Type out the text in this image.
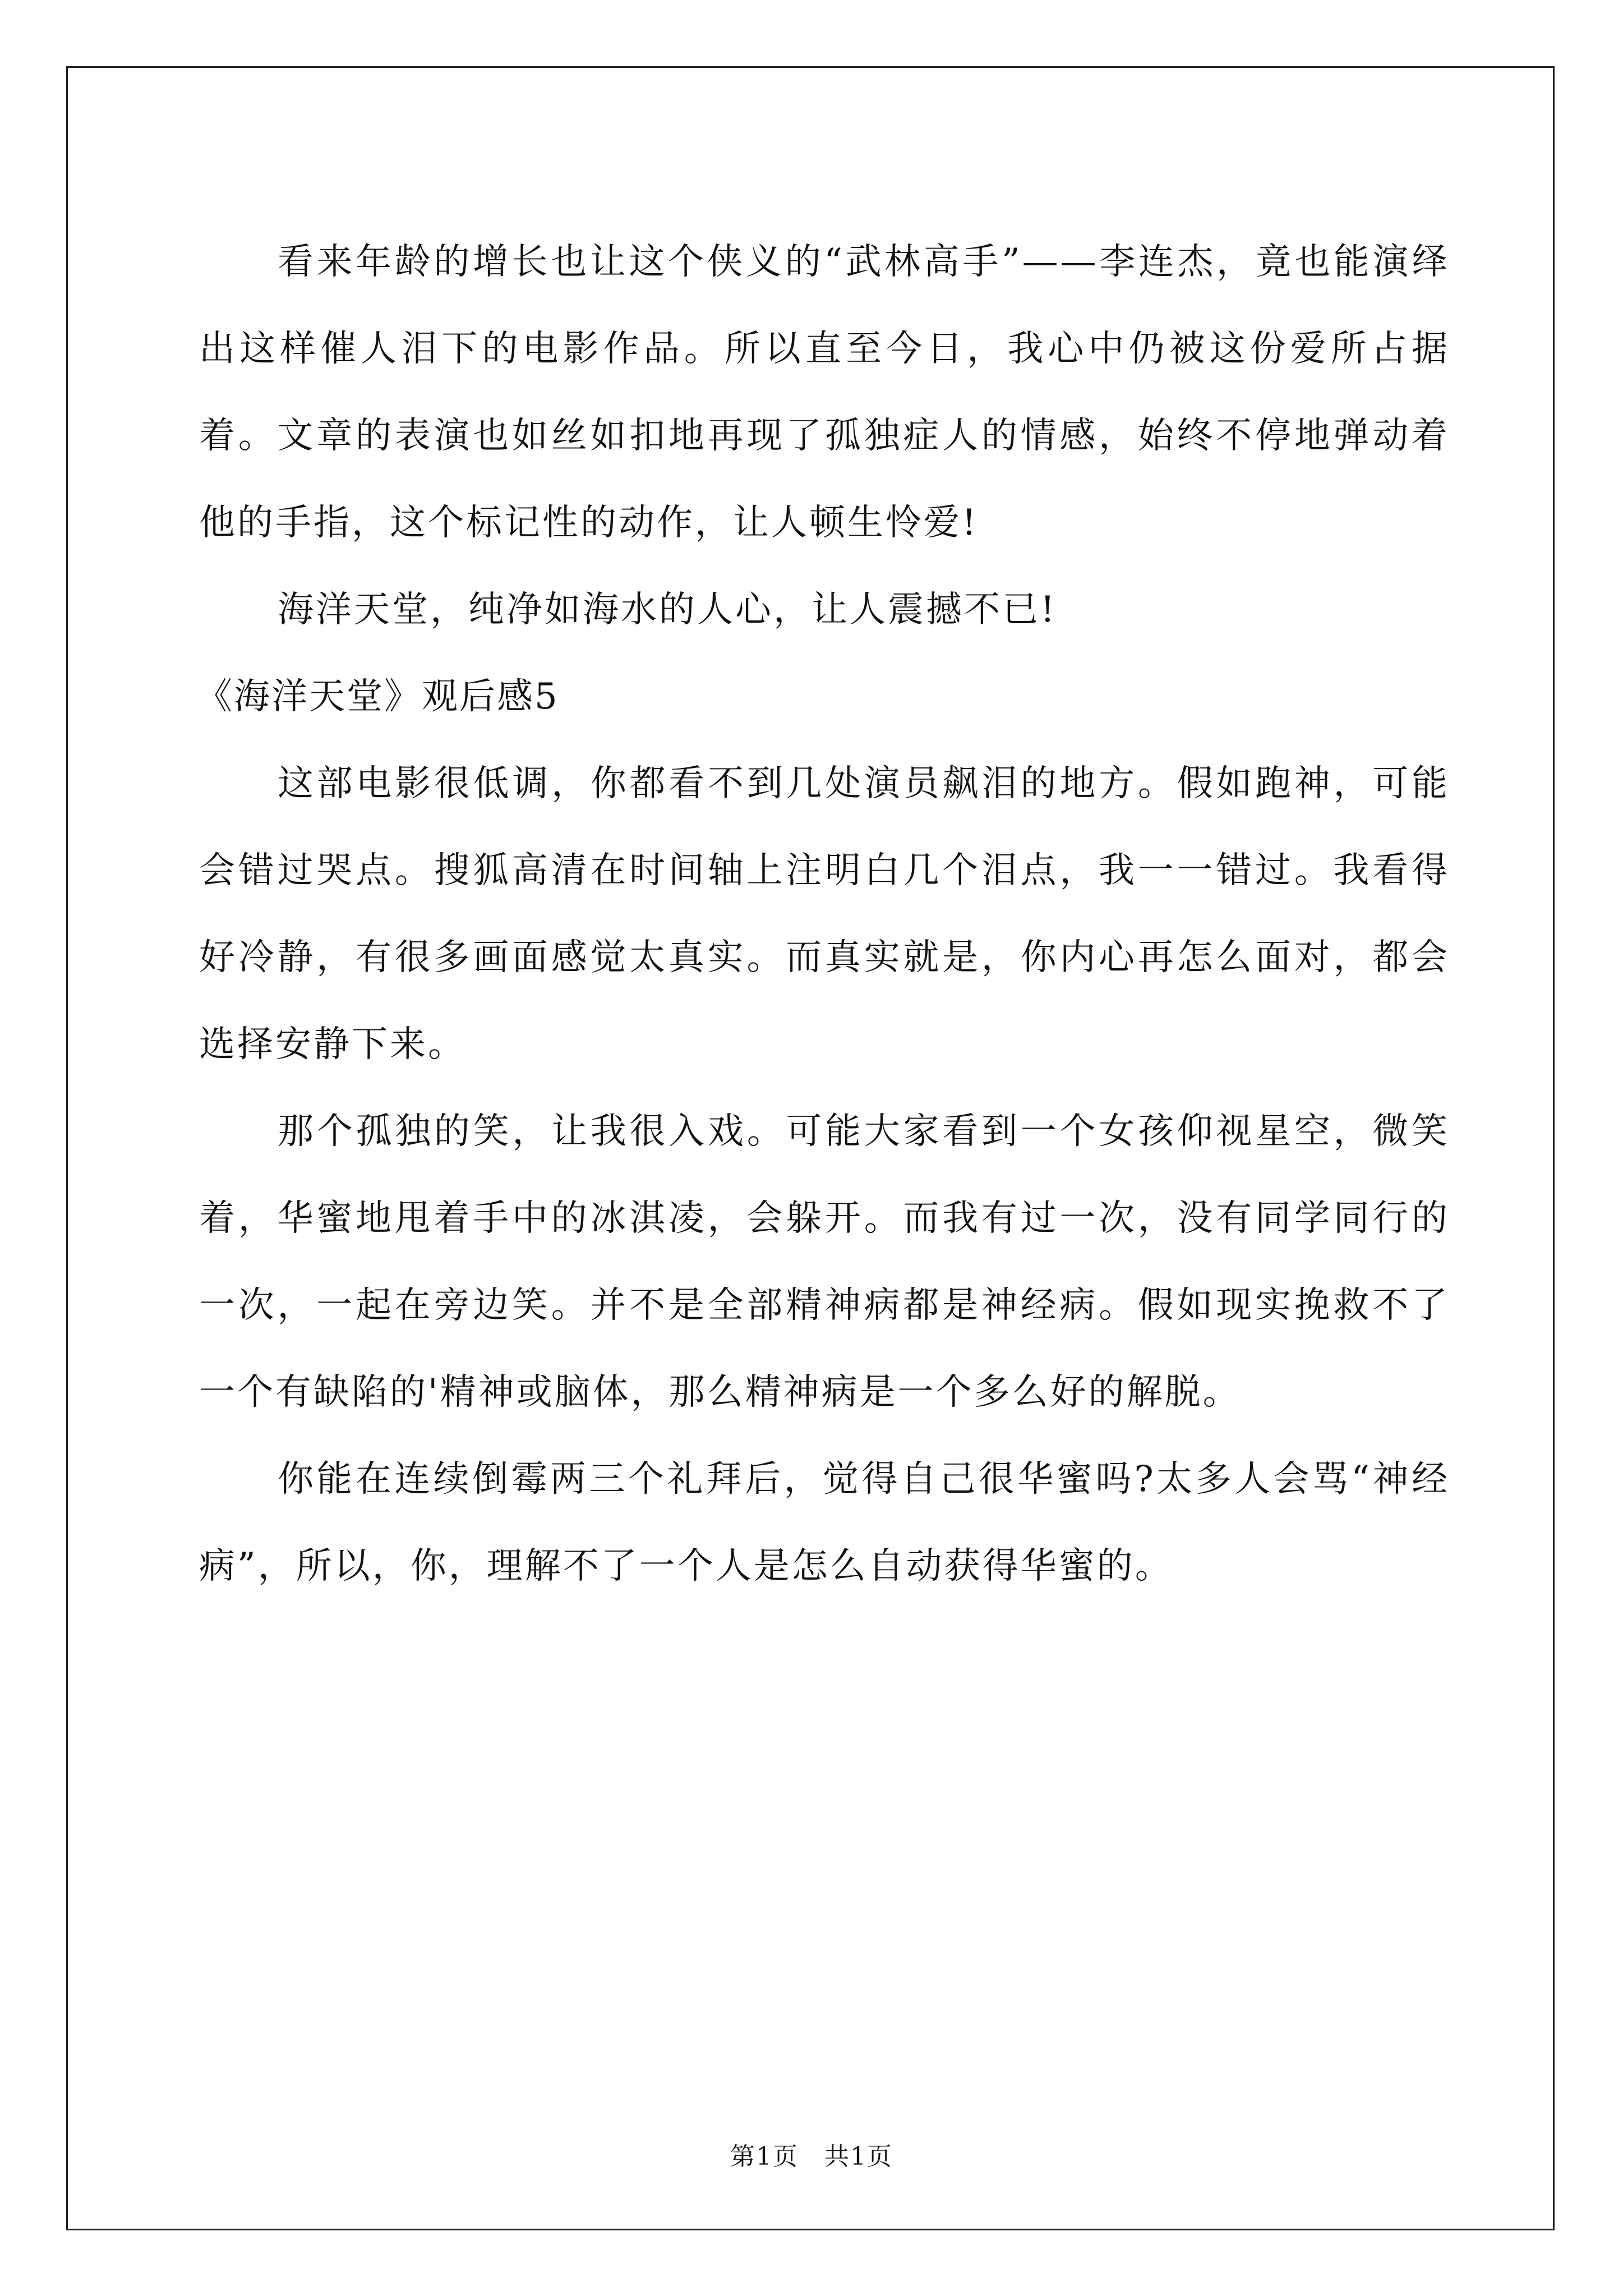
看来年龄的增长也让这个侠义的“武林高手”——李连杰，竟也能演绎出这样催人泪下的电影作品。所以直至今日，我心中仍被这份爱所占据着。文章的表演也如丝如扣地再现了孤独症人的情感，始终不停地弹动着他的手指，这个标记性的动作，让人顿生怜爱!

海洋天堂，纯净如海水的人心，让人震撼不已!

《海洋天堂》观后感5

这部电影很低调，你都看不到几处演员飙泪的地方。假如跑神，可能会错过哭点。搜狐高清在时间轴上注明白几个泪点，我一一错过。我看得好冷静，有很多画面感觉太真实。而真实就是，你内心再怎么面对，都会选择安静下来。

那个孤独的笑，让我很入戏。可能大家看到一个女孩仰视星空，微笑着，华蜜地甩着手中的冰淇凌，会躲开。而我有过一次，没有同学同行的一次，一起在旁边笑。并不是全部精神病都是神经病。假如现实挽救不了一个有缺陷的'精神或脑体，那么精神病是一个多么好的解脱。

你能在连续倒霉两三个礼拜后，觉得自己很华蜜吗?太多人会骂“神经病”，所以，你，理解不了一个人是怎么自动获得华蜜的。

第1页　共1页
